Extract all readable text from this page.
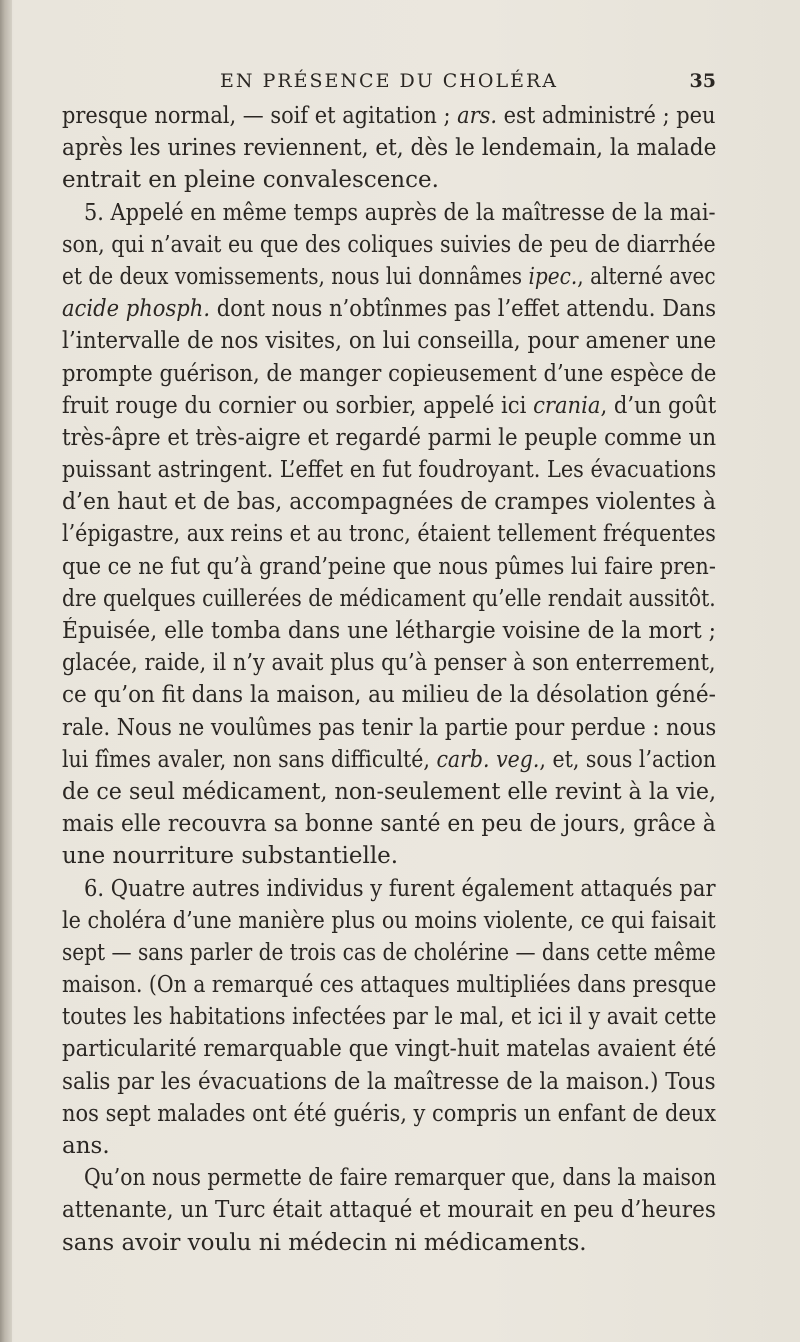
EN PRÉSENCE DU CHOLÉRA	35
presque normal, — soif et agitation ; ars. est administré ; peu
après les urines reviennent, et, dès le lendemain, la malade
entrait en pleine convalescence.
5. Appelé en même temps auprès de la maîtresse de la mai-
son, qui n’avait eu que des coliques suivies de peu de diarrhée
et de deux vomissements, nous lui donnâmes ipec., alterné avec
acide phosph. dont nous n’obtînmes pas l’effet attendu. Dans
l’intervalle de nos visites, on lui conseilla, pour amener une
prompte guérison, de manger copieusement d’une espèce de
fruit rouge du cornier ou sorbier, appelé ici crania, d’un goût
très-âpre et très-aigre et regardé parmi le peuple comme un
puissant astringent. L’effet en fut foudroyant. Les évacuations
d’en haut et de bas, accompagnées de crampes violentes à
l’épigastre, aux reins et au tronc, étaient tellement fréquentes
que ce ne fut qu’à grand’peine que nous pûmes lui faire pren-
dre quelques cuillerées de médicament qu’elle rendait aussitôt.
Épuisée, elle tomba dans une léthargie voisine de la mort ;
glacée, raide, il n’y avait plus qu’à penser à son enterrement,
ce qu’on fit dans la maison, au milieu de la désolation géné-
rale. Nous ne voulûmes pas tenir la partie pour perdue : nous
lui fîmes avaler, non sans difficulté, carb. veg., et, sous l’action
de ce seul médicament, non-seulement elle revint à la vie,
mais elle recouvra sa bonne santé en peu de jours, grâce à
une nourriture substantielle.
6. Quatre autres individus y furent également attaqués par
le choléra d’une manière plus ou moins violente, ce qui faisait
sept — sans parler de trois cas de cholérine — dans cette même
maison. (On a remarqué ces attaques multipliées dans presque
toutes les habitations infectées par le mal, et ici il y avait cette
particularité remarquable que vingt-huit matelas avaient été
salis par les évacuations de la maîtresse de la maison.) Tous
nos sept malades ont été guéris, y compris un enfant de deux
ans.
Qu’on nous permette de faire remarquer que, dans la maison
attenante, un Turc était attaqué et mourait en peu d’heures
sans avoir voulu ni médecin ni médicaments.
